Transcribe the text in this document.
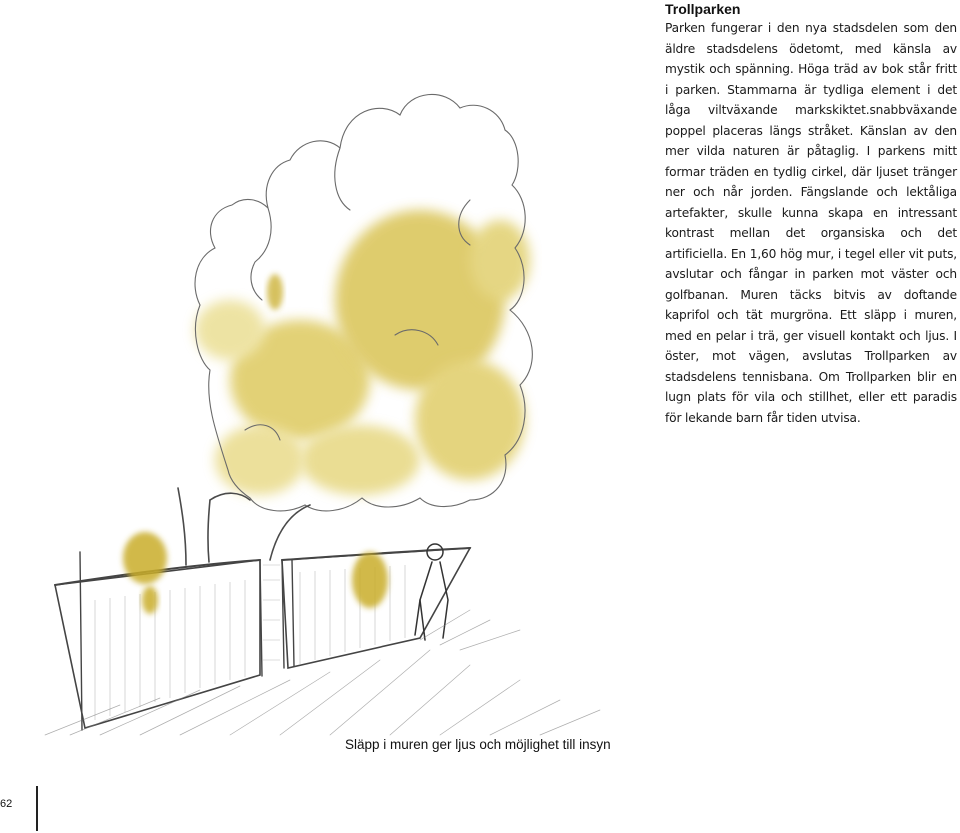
Trollparken

Parken fungerar i den nya stadsdelen som den äldre stadsdelens ödetomt, med känsla av mystik och spänning. Höga träd av bok står fritt i parken. Stammarna är tydliga element i det låga viltväxande markskiktet.snabbväxande poppel placeras längs stråket. Känslan av den mer vilda naturen är påtaglig. I parkens mitt formar träden en tydlig cirkel, där ljuset tränger ner och når jorden. Fängslande och lektåliga artefakter, skulle kunna skapa en intressant kontrast mellan det organsiska och det artificiella. En 1,60 hög mur, i tegel eller vit puts, avslutar och fångar in parken mot väster och golfbanan. Muren täcks bitvis av doftande kaprifol och tät murgröna. Ett släpp i muren, med en pelar i trä, ger visuell kontakt och ljus. I öster, mot vägen, avslutas Trollparken av stadsdelens tennisbana. Om Trollparken blir en lugn plats för vila och stillhet, eller ett paradis för lekande barn får tiden utvisa.

Släpp i muren ger ljus och möjlighet till insyn
62
